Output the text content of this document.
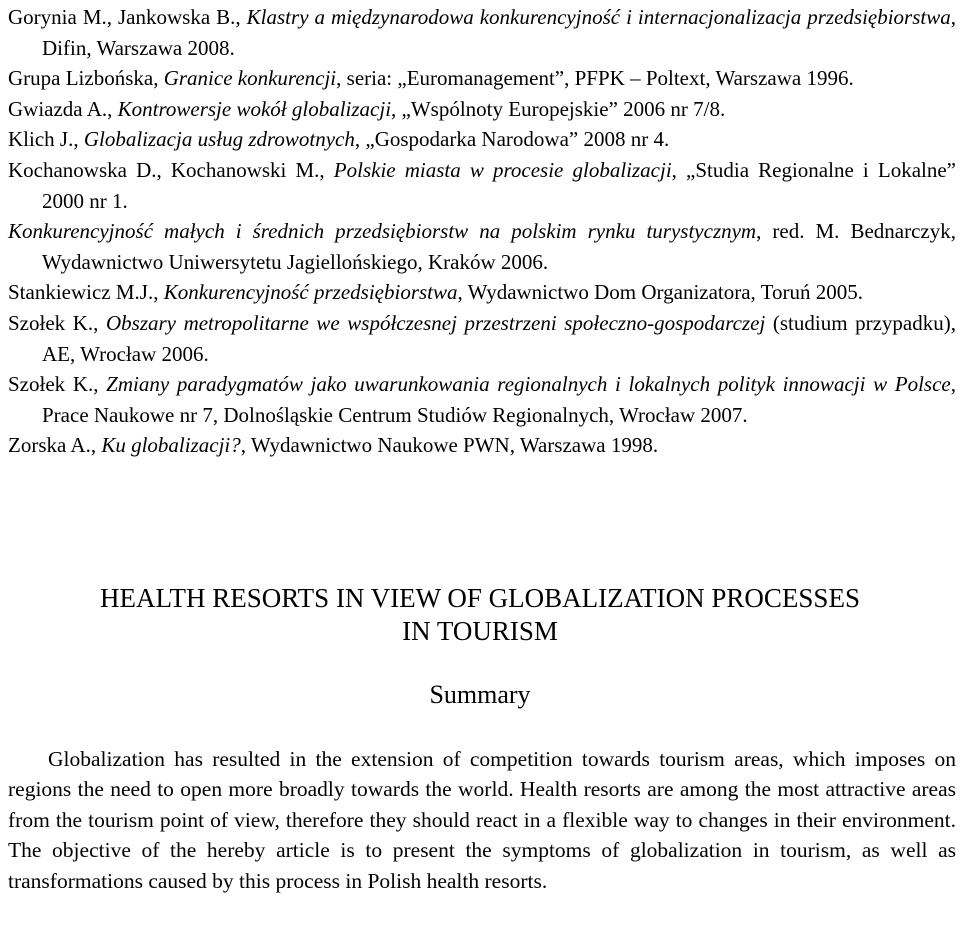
Gorynia M., Jankowska B., Klastry a międzynarodowa konkurencyjność i internacjonalizacja przedsiębiorstwa, Difin, Warszawa 2008.

Grupa Lizbońska, Granice konkurencji, seria: „Euromanagement”, PFPK – Poltext, Warszawa 1996.

Gwiazda A., Kontrowersje wokół globalizacji, „Wspólnoty Europejskie” 2006 nr 7/8.

Klich J., Globalizacja usług zdrowotnych, „Gospodarka Narodowa” 2008 nr 4.

Kochanowska D., Kochanowski M., Polskie miasta w procesie globalizacji, „Studia Regionalne i Lokalne” 2000 nr 1.

Konkurencyjność małych i średnich przedsiębiorstw na polskim rynku turystycznym, red. M. Bednarczyk, Wydawnictwo Uniwersytetu Jagiellońskiego, Kraków 2006.

Stankiewicz M.J., Konkurencyjność przedsiębiorstwa, Wydawnictwo Dom Organizatora, Toruń 2005.

Szołek K., Obszary metropolitarne we współczesnej przestrzeni społeczno-gospodarczej (studium przypadku), AE, Wrocław 2006.

Szołek K., Zmiany paradygmatów jako uwarunkowania regionalnych i lokalnych polityk innowacji w Polsce, Prace Naukowe nr 7, Dolnośląskie Centrum Studiów Regionalnych, Wrocław 2007.

Zorska A., Ku globalizacji?, Wydawnictwo Naukowe PWN, Warszawa 1998.

HEALTH RESORTS IN VIEW OF GLOBALIZATION PROCESSES
IN TOURISM
Summary

Globalization has resulted in the extension of competition towards tourism areas, which imposes on regions the need to open more broadly towards the world. Health resorts are among the most attractive areas from the tourism point of view, therefore they should react in a flexible way to changes in their environment. The objective of the hereby article is to present the symptoms of globalization in tourism, as well as transformations caused by this process in Polish health resorts.
